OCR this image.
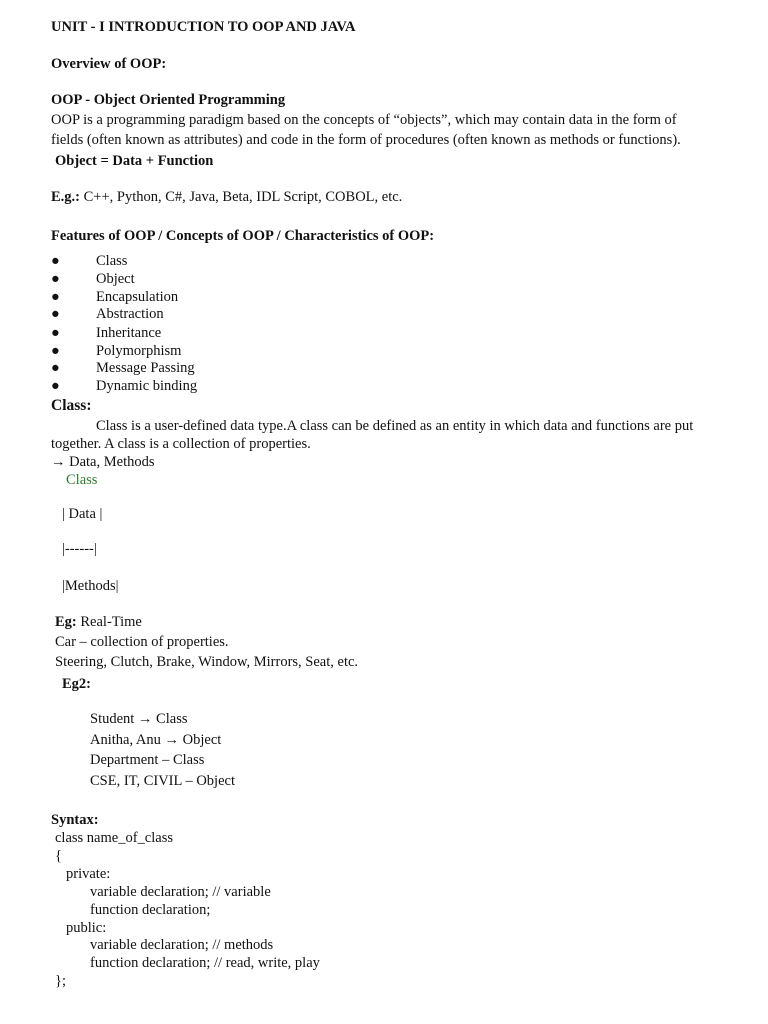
UNIT - I INTRODUCTION TO OOP AND JAVA
Overview of OOP:
OOP - Object Oriented Programming
OOP is a programming paradigm based on the concepts of “objects”, which may contain data in the form of
fields (often known as attributes) and code in the form of procedures (often known as methods or functions).
Object = Data + Function
E.g.: C++, Python, C#, Java, Beta, IDL Script, COBOL, etc.
Features of OOP / Concepts of OOP / Characteristics of OOP:
● Class
● Object
● Encapsulation
● Abstraction
● Inheritance
● Polymorphism
● Message Passing
● Dynamic binding
Class:
Class is a user-defined data type.A class can be defined as an entity in which data and functions are put
together. A class is a collection of properties.
→ Data, Methods
Class
| Data |
|------|
|Methods|
Eg: Real-Time
Car – collection of properties.
Steering, Clutch, Brake, Window, Mirrors, Seat, etc.
Eg2:
Student → Class
Anitha, Anu → Object
Department – Class
CSE, IT, CIVIL – Object
Syntax:
class name_of_class
{
private:
variable declaration; // variable
function declaration;
public:
variable declaration; // methods
function declaration; // read, write, play
};
